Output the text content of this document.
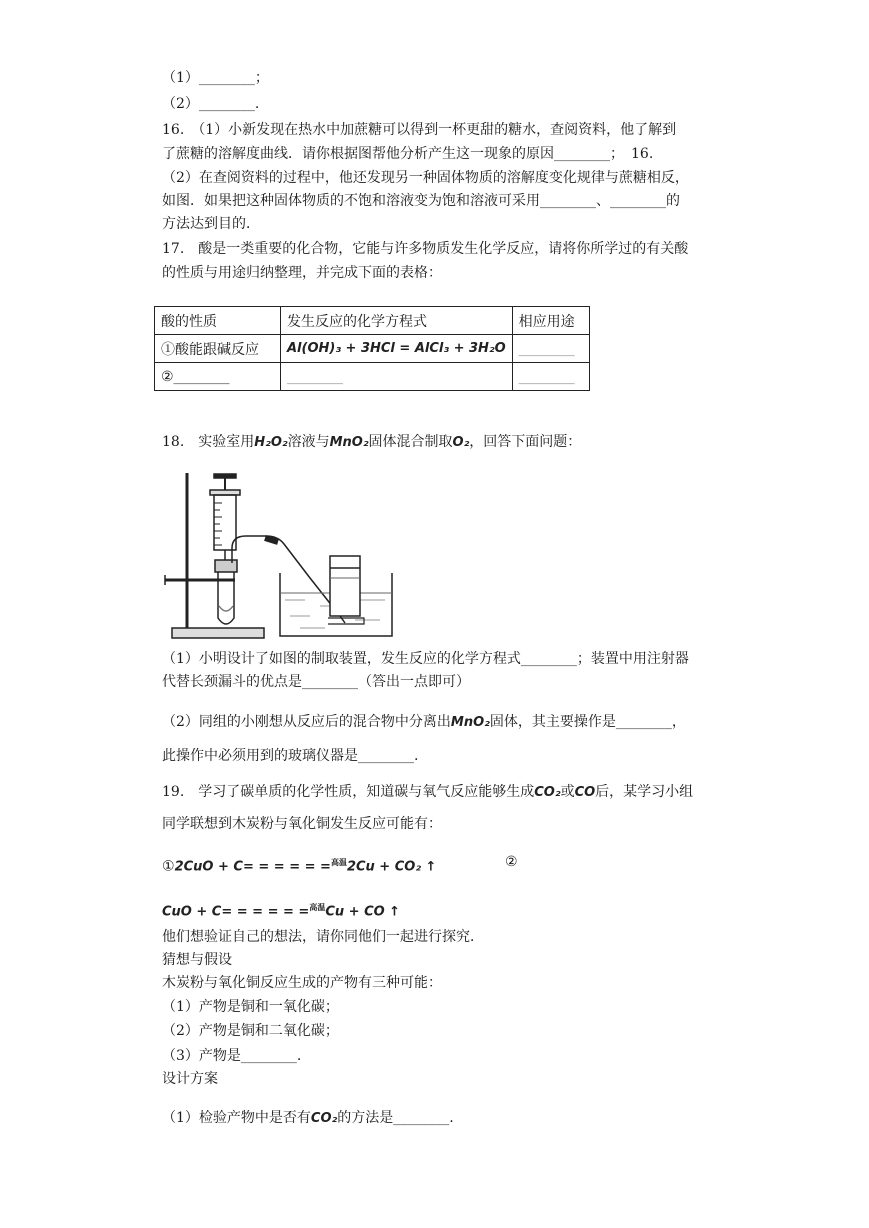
（1）________；
（2）________.
16.　（1）小新发现在热水中加蔗糖可以得到一杯更甜的糖水，查阅资料，他了解到
了蔗糖的溶解度曲线．请你根据图帮他分析产生这一现象的原因________；　16.
（2）在查阅资料的过程中，他还发现另一种固体物质的溶解度变化规律与蔗糖相反，
如图．如果把这种固体物质的不饱和溶液变为饱和溶液可采用________、________的
方法达到目的．
17.　酸是一类重要的化合物，它能与许多物质发生化学反应，请将你所学过的有关酸
的性质与用途归纳整理，并完成下面的表格：
酸的性质	发生反应的化学方程式	相应用途
①酸能跟碱反应	Al(OH)₃ + 3HCl = AlCl₃ + 3H₂O	________
②________	________	________
18.　实验室用H₂O₂溶液与MnO₂固体混合制取O₂，回答下面问题：
（1）小明设计了如图的制取装置，发生反应的化学方程式________；装置中用注射器
代替长颈漏斗的优点是________（答出一点即可）
（2）同组的小刚想从反应后的混合物中分离出MnO₂固体，其主要操作是________，
此操作中必须用到的玻璃仪器是________.
19.　学习了碳单质的化学性质，知道碳与氧气反应能够生成CO₂或CO后，某学习小组
同学联想到木炭粉与氧化铜发生反应可能有：
①2CuO + C= = = = = =$^{高温}$2Cu + CO₂ ↑	②
CuO + C= = = = = =$^{高温}$Cu + CO ↑
他们想验证自己的想法，请你同他们一起进行探究．
猜想与假设
木炭粉与氧化铜反应生成的产物有三种可能：
（1）产物是铜和一氧化碳；
（2）产物是铜和二氧化碳；
（3）产物是________.
设计方案
（1）检验产物中是否有CO₂的方法是________.
